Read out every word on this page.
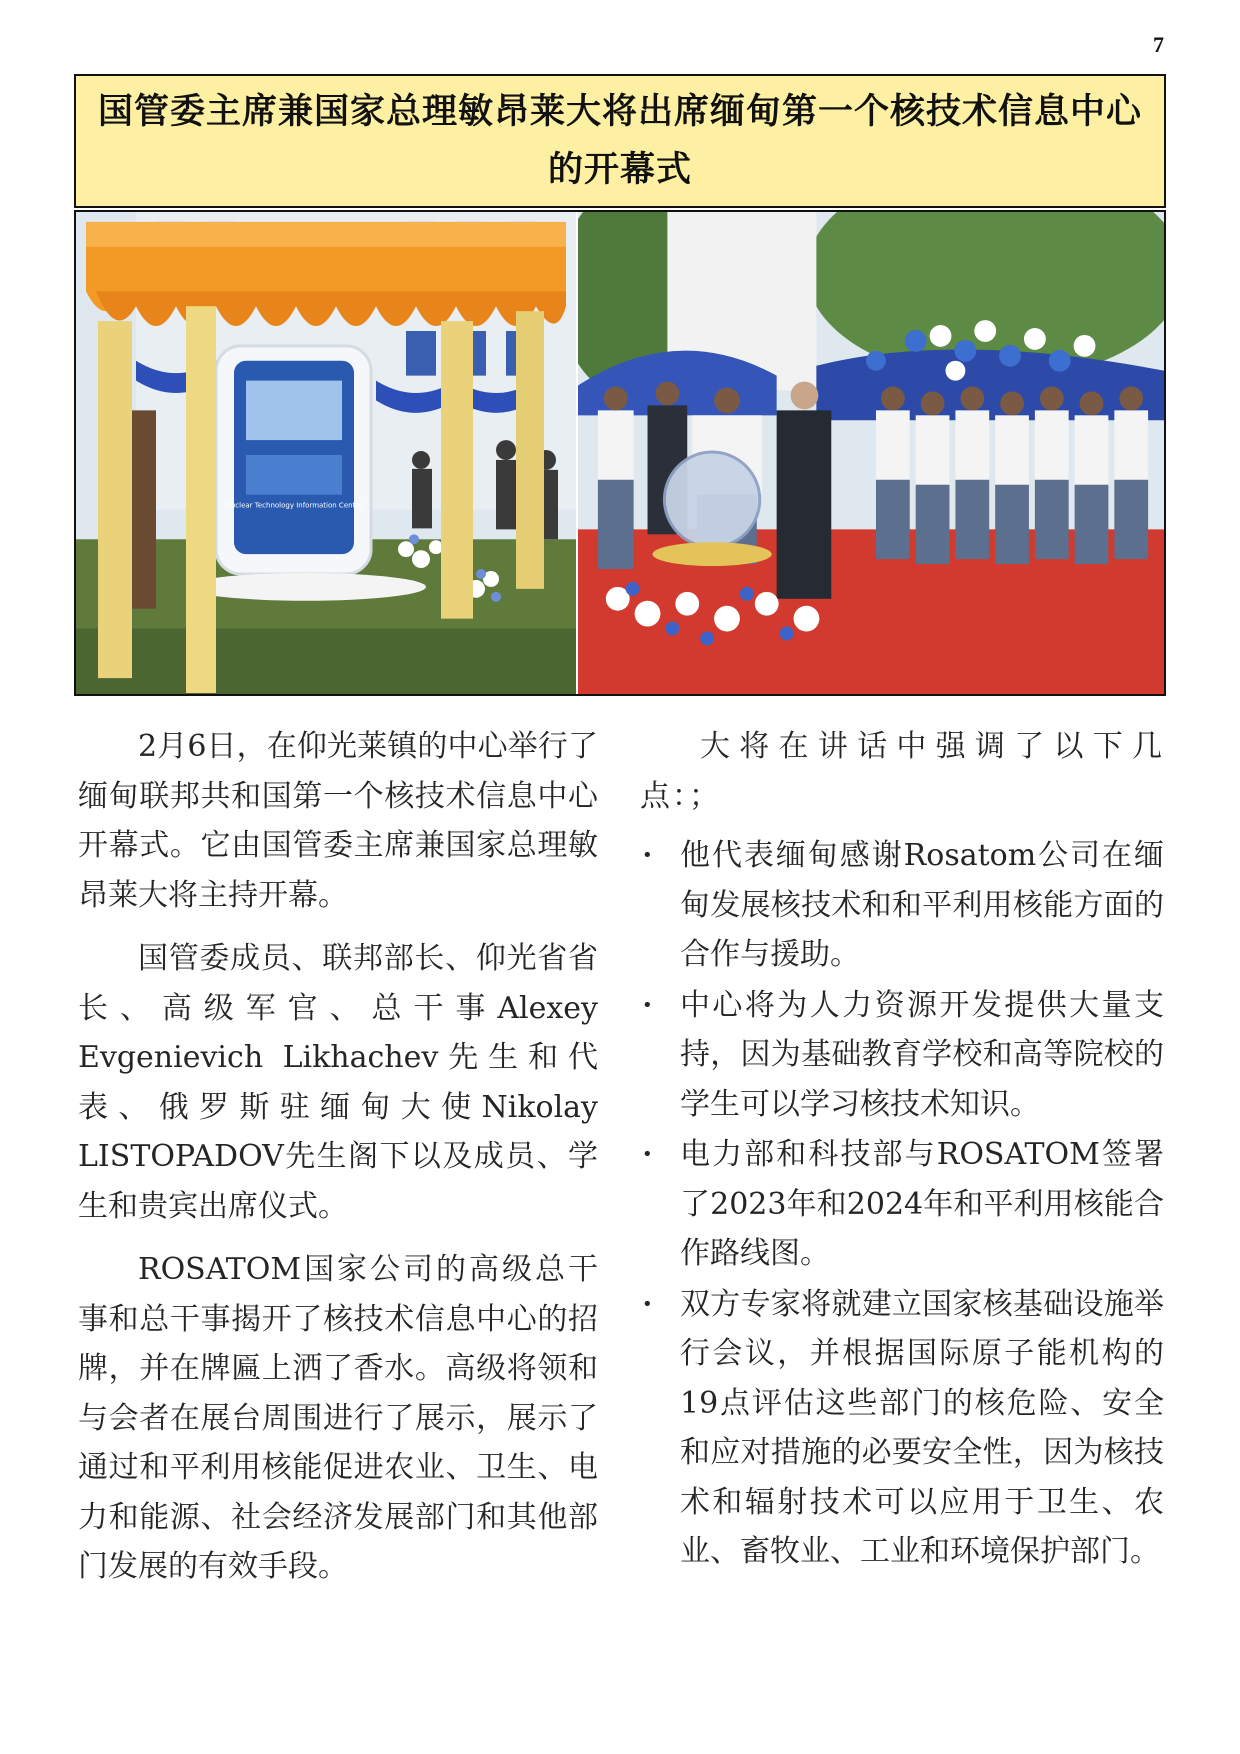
7
国管委主席兼国家总理敏昂莱大将出席缅甸第一个核技术信息中心的开幕式
Nuclear Technology Information Centre

2月6日，在仰光莱镇的中心举行了缅甸联邦共和国第一个核技术信息中心开幕式。它由国管委主席兼国家总理敏昂莱大将主持开幕。

国管委成员、联邦部长、仰光省省长、高级军官、总干事Alexey Evgenievich Likhachev先生和代表、俄罗斯驻缅甸大使Nikolay LISTOPADOV先生阁下以及成员、学生和贵宾出席仪式。

ROSATOM国家公司的高级总干事和总干事揭开了核技术信息中心的招牌，并在牌匾上洒了香水。高级将领和与会者在展台周围进行了展示，展示了通过和平利用核能促进农业、卫生、电力和能源、社会经济发展部门和其他部门发展的有效手段。

大将在讲话中强调了以下几点：；

• 他代表缅甸感谢Rosatom公司在缅甸发展核技术和和平利用核能方面的合作与援助。
• 中心将为人力资源开发提供大量支持，因为基础教育学校和高等院校的学生可以学习核技术知识。
• 电力部和科技部与ROSATOM签署了2023年和2024年和平利用核能合作路线图。
• 双方专家将就建立国家核基础设施举行会议，并根据国际原子能机构的19点评估这些部门的核危险、安全和应对措施的必要安全性，因为核技术和辐射技术可以应用于卫生、农业、畜牧业、工业和环境保护部门。
